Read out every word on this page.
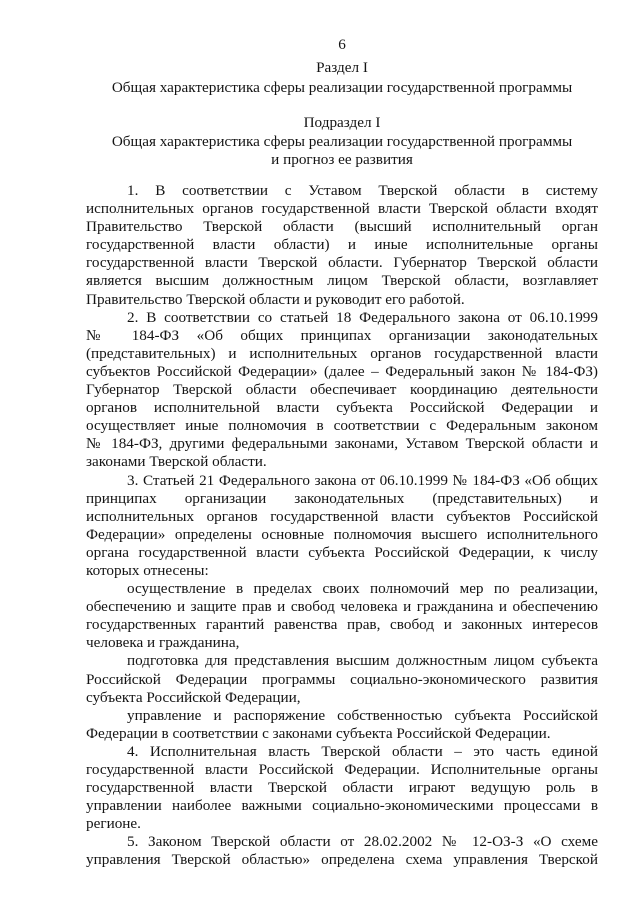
6
Раздел I
Общая характеристика сферы реализации государственной программы
Подраздел I
Общая характеристика сферы реализации государственной программы
и прогноз ее развития
1. В соответствии с Уставом Тверской области в систему
исполнительных органов государственной власти Тверской области входят
Правительство Тверской области (высший исполнительный орган
государственной власти области) и иные исполнительные органы
государственной власти Тверской области. Губернатор Тверской области
является высшим должностным лицом Тверской области, возглавляет
Правительство Тверской области и руководит его работой.
2. В соответствии со статьей 18 Федерального закона от 06.10.1999
№ 184-ФЗ «Об общих принципах организации законодательных
(представительных) и исполнительных органов государственной власти
субъектов Российской Федерации» (далее – Федеральный закон № 184-ФЗ)
Губернатор Тверской области обеспечивает координацию деятельности
органов исполнительной власти субъекта Российской Федерации и
осуществляет иные полномочия в соответствии с Федеральным законом
№ 184-ФЗ, другими федеральными законами, Уставом Тверской области и
законами Тверской области.
3. Статьей 21 Федерального закона от 06.10.1999 № 184-ФЗ «Об общих
принципах организации законодательных (представительных) и
исполнительных органов государственной власти субъектов Российской
Федерации» определены основные полномочия высшего исполнительного
органа государственной власти субъекта Российской Федерации, к числу
которых отнесены:
осуществление в пределах своих полномочий мер по реализации,
обеспечению и защите прав и свобод человека и гражданина и обеспечению
государственных гарантий равенства прав, свобод и законных интересов
человека и гражданина,
подготовка для представления высшим должностным лицом субъекта
Российской Федерации программы социально-экономического развития
субъекта Российской Федерации,
управление и распоряжение собственностью субъекта Российской
Федерации в соответствии с законами субъекта Российской Федерации.
4. Исполнительная власть Тверской области – это часть единой
государственной власти Российской Федерации. Исполнительные органы
государственной власти Тверской области играют ведущую роль в
управлении наиболее важными социально-экономическими процессами в
регионе.
5. Законом Тверской области от 28.02.2002 № 12-ОЗ-З «О схеме
управления Тверской областью» определена схема управления Тверской
